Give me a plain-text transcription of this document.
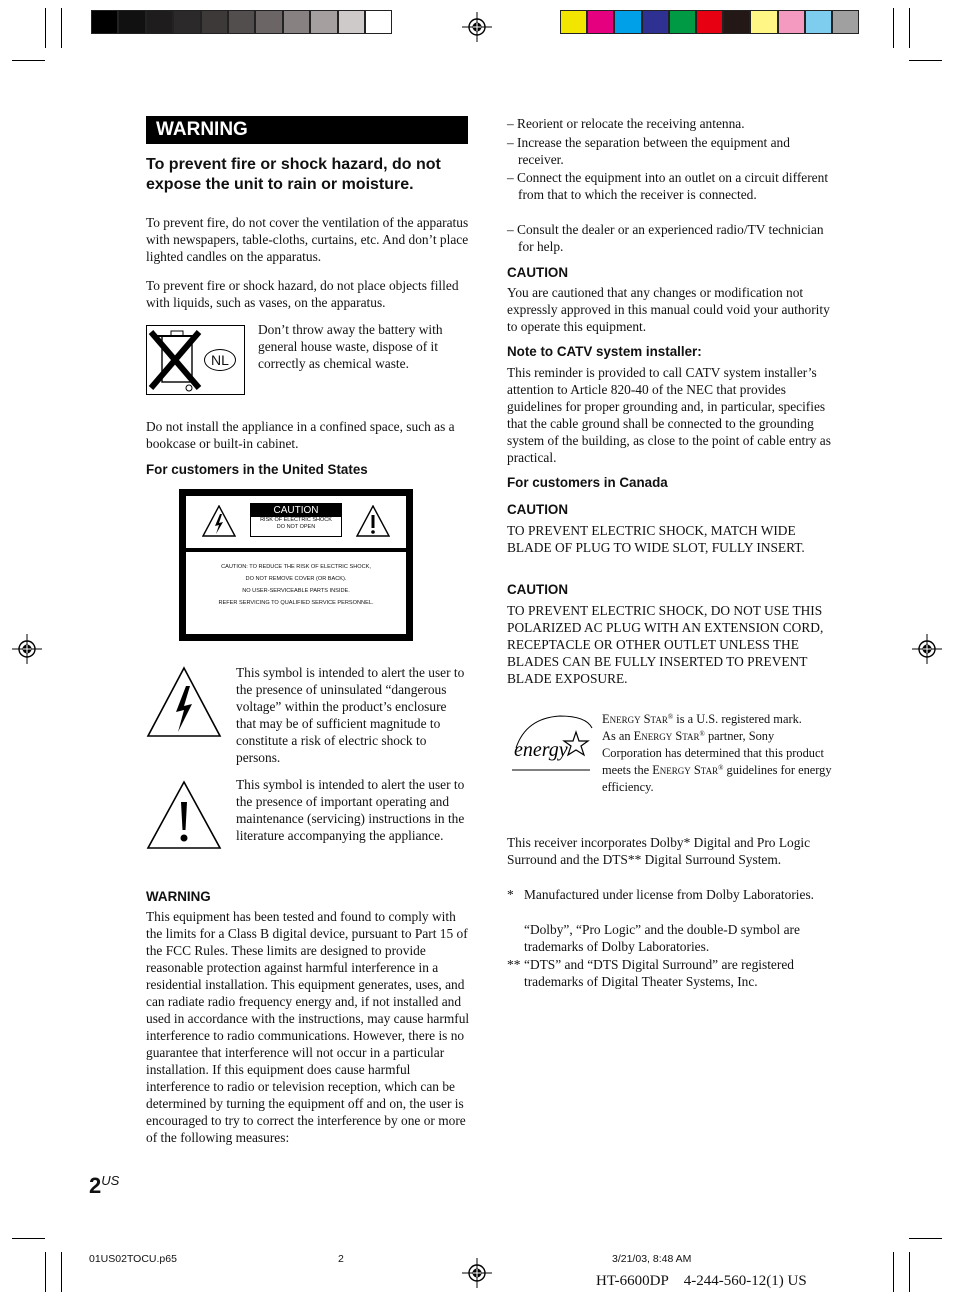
WARNING
To prevent fire or shock hazard, do not expose the unit to rain or moisture.

To prevent fire, do not cover the ventilation of the apparatus with newspapers, table-cloths, curtains, etc. And don’t place lighted candles on the apparatus.

To prevent fire or shock hazard, do not place objects filled with liquids, such as vases, on the apparatus.

NL

Don’t throw away the battery with general house waste, dispose of it correctly as chemical waste.

Do not install the appliance in a confined space, such as a bookcase or built-in cabinet.

For customers in the United States
CAUTION
RISK OF ELECTRIC SHOCK
DO NOT OPEN
CAUTION: TO REDUCE THE RISK OF ELECTRIC SHOCK,
DO NOT REMOVE COVER (OR BACK).
NO USER-SERVICEABLE PARTS INSIDE.
REFER SERVICING TO QUALIFIED SERVICE PERSONNEL.

This symbol is intended to alert the user to the presence of uninsulated “dangerous voltage” within the product’s enclosure that may be of sufficient magnitude to constitute a risk of electric shock to persons.

This symbol is intended to alert the user to the presence of important operating and maintenance (servicing) instructions in the literature accompanying the appliance.

WARNING

This equipment has been tested and found to comply with the limits for a Class B digital device, pursuant to Part 15 of the FCC Rules. These limits are designed to provide reasonable protection against harmful interference in a residential installation. This equipment generates, uses, and can radiate radio frequency energy and, if not installed and used in accordance with the instructions, may cause harmful interference to radio communications. However, there is no guarantee that interference will not occur in a particular installation. If this equipment does cause harmful interference to radio or television reception, which can be determined by turning the equipment off and on, the user is encouraged to try to correct the interference by one or more of the following measures:

– Reorient or relocate the receiving antenna.

– Increase the separation between the equipment and receiver.

– Connect the equipment into an outlet on a circuit different from that to which the receiver is connected.

– Consult the dealer or an experienced radio/TV technician for help.

CAUTION

You are cautioned that any changes or modification not expressly approved in this manual could void your authority to operate this equipment.

Note to CATV system installer:

This reminder is provided to call CATV system installer’s attention to Article 820-40 of the NEC that provides guidelines for proper grounding and, in particular, specifies that the cable ground shall be connected to the grounding system of the building, as close to the point of cable entry as practical.

For customers in Canada
CAUTION

TO PREVENT ELECTRIC SHOCK, MATCH WIDE BLADE OF PLUG TO WIDE SLOT, FULLY INSERT.

CAUTION

TO PREVENT ELECTRIC SHOCK, DO NOT USE THIS POLARIZED AC PLUG WITH AN EXTENSION CORD, RECEPTACLE OR OTHER OUTLET UNLESS THE BLADES CAN BE FULLY INSERTED TO PREVENT BLADE EXPOSURE.

energy

Energy Star® is a U.S. registered mark.

As an Energy Star® partner, Sony Corporation has determined that this product meets the Energy Star® guidelines for energy efficiency.

This receiver incorporates Dolby* Digital and Pro Logic Surround and the DTS** Digital Surround System.

* Manufactured under license from Dolby Laboratories.

“Dolby”, “Pro Logic” and the double-D symbol are trademarks of Dolby Laboratories.

** “DTS” and “DTS Digital Surround” are registered trademarks of Digital Theater Systems, Inc.

$2^{US}$
01US02TOCU.p65	2	3/21/03, 8:48 AM
HT-6600DP 4-244-560-12(1) US
